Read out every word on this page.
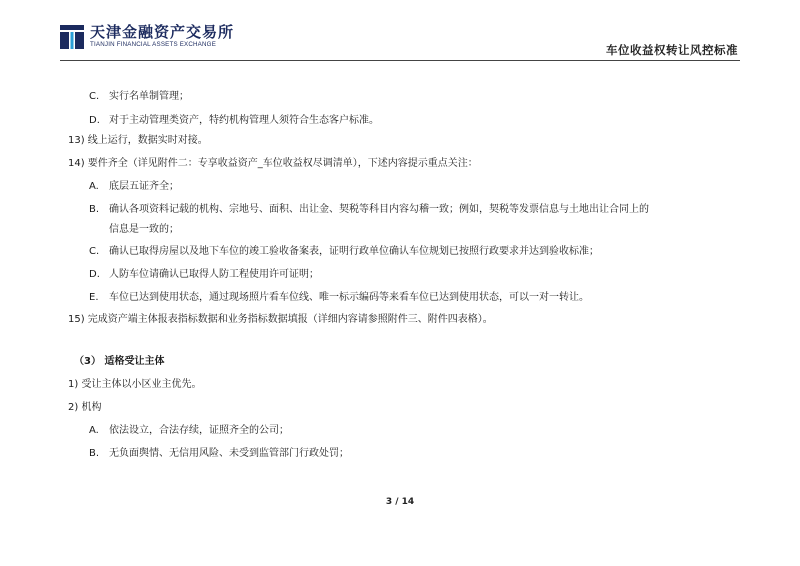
天津金融资产交易所
TIANJIN FINANCIAL ASSETS EXCHANGE	车位收益权转让风控标准
C. 实行名单制管理；
D. 对于主动管理类资产，特约机构管理人须符合生态客户标准。
13) 线上运行，数据实时对接。
14) 要件齐全（详见附件二：专享收益资产_车位收益权尽调清单），下述内容提示重点关注：
A. 底层五证齐全；
B. 确认各项资料记载的机构、宗地号、面积、出让金、契税等科目内容勾稽一致；例如，契税等发票信息与土地出让合同上的
信息是一致的；
C. 确认已取得房屋以及地下车位的竣工验收备案表，证明行政单位确认车位规划已按照行政要求并达到验收标准；
D. 人防车位请确认已取得人防工程使用许可证明；
E. 车位已达到使用状态，通过现场照片看车位线、唯一标示编码等来看车位已达到使用状态，可以一对一转让。
15) 完成资产端主体报表指标数据和业务指标数据填报（详细内容请参照附件三、附件四表格）。
（3） 适格受让主体
1) 受让主体以小区业主优先。
2) 机构
A. 依法设立，合法存续，证照齐全的公司；
B. 无负面舆情、无信用风险、未受到监管部门行政处罚；
3 / 14
